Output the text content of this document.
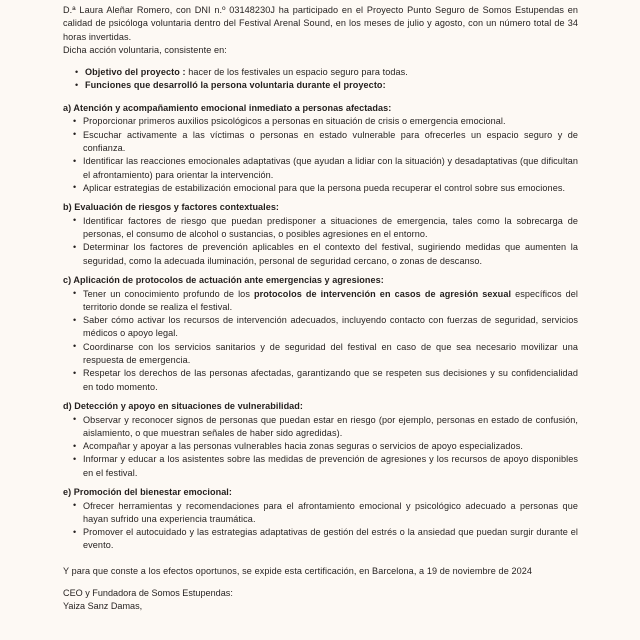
D.ª Laura Aleñar Romero, con DNI n.º 03148230J ha participado en el Proyecto Punto Seguro de Somos Estupendas en calidad de psicóloga voluntaria dentro del Festival Arenal Sound, en los meses de julio y agosto, con un número total de 34 horas invertidas.

Dicha acción voluntaria, consistente en:

• Objetivo del proyecto : hacer de los festivales un espacio seguro para todas.
• Funciones que desarrolló la persona voluntaria durante el proyecto:

a) Atención y acompañamiento emocional inmediato a personas afectadas:

• Proporcionar primeros auxilios psicológicos a personas en situación de crisis o emergencia emocional.
• Escuchar activamente a las víctimas o personas en estado vulnerable para ofrecerles un espacio seguro y de confianza.
• Identificar las reacciones emocionales adaptativas (que ayudan a lidiar con la situación) y desadaptativas (que dificultan el afrontamiento) para orientar la intervención.
• Aplicar estrategias de estabilización emocional para que la persona pueda recuperar el control sobre sus emociones.

b) Evaluación de riesgos y factores contextuales:

• Identificar factores de riesgo que puedan predisponer a situaciones de emergencia, tales como la sobrecarga de personas, el consumo de alcohol o sustancias, o posibles agresiones en el entorno.
• Determinar los factores de prevención aplicables en el contexto del festival, sugiriendo medidas que aumenten la seguridad, como la adecuada iluminación, personal de seguridad cercano, o zonas de descanso.

c) Aplicación de protocolos de actuación ante emergencias y agresiones:

• Tener un conocimiento profundo de los protocolos de intervención en casos de agresión sexual específicos del territorio donde se realiza el festival.
• Saber cómo activar los recursos de intervención adecuados, incluyendo contacto con fuerzas de seguridad, servicios médicos o apoyo legal.
• Coordinarse con los servicios sanitarios y de seguridad del festival en caso de que sea necesario movilizar una respuesta de emergencia.
• Respetar los derechos de las personas afectadas, garantizando que se respeten sus decisiones y su confidencialidad en todo momento.

d) Detección y apoyo en situaciones de vulnerabilidad:

• Observar y reconocer signos de personas que puedan estar en riesgo (por ejemplo, personas en estado de confusión, aislamiento, o que muestran señales de haber sido agredidas).
• Acompañar y apoyar a las personas vulnerables hacia zonas seguras o servicios de apoyo especializados.
• Informar y educar a los asistentes sobre las medidas de prevención de agresiones y los recursos de apoyo disponibles en el festival.

e) Promoción del bienestar emocional:

• Ofrecer herramientas y recomendaciones para el afrontamiento emocional y psicológico adecuado a personas que hayan sufrido una experiencia traumática.
• Promover el autocuidado y las estrategias adaptativas de gestión del estrés o la ansiedad que puedan surgir durante el evento.

Y para que conste a los efectos oportunos, se expide esta certificación, en Barcelona, a 19 de noviembre de 2024

CEO y Fundadora de Somos Estupendas:
Yaiza Sanz Damas,
